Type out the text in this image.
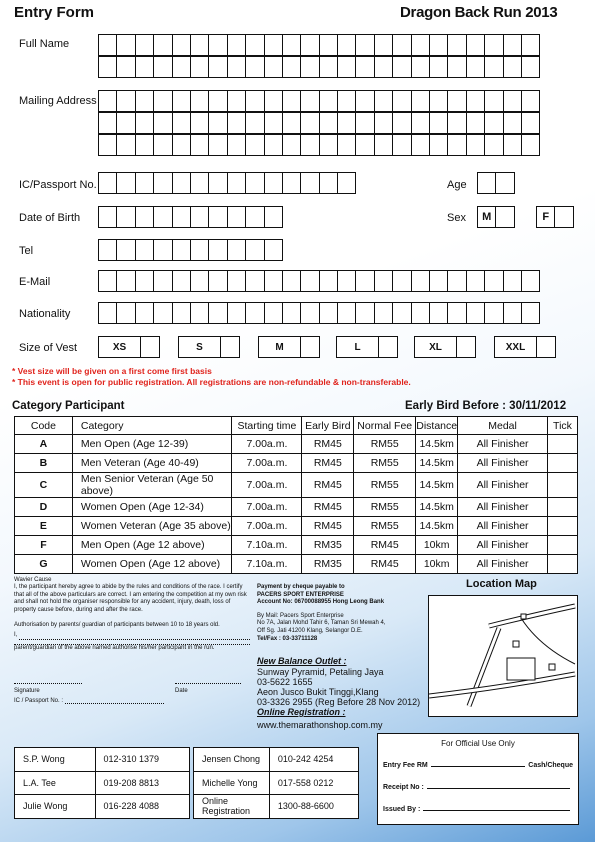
Entry Form	Dragon Back Run 2013
Full Name
Mailing Address
IC/Passport No.	Age
Date of Birth	Sex	M	F
Tel
E-Mail
Nationality
Size of Vest	XS	S	M	L	XL	XXL
* Vest size will be given on a first come first basis
* This event is open for public registration. All registrations are non-refundable & non-transferable.
Category Participant	Early Bird Before : 30/11/2012
Code	Category	Starting time	Early Bird	Normal Fee	Distance	Medal	Tick
A	Men Open (Age 12-39)	7.00a.m.	RM45	RM55	14.5km	All Finisher	
B	Men Veteran (Age 40-49)	7.00a.m.	RM45	RM55	14.5km	All Finisher	
C	Men Senior Veteran (Age 50 above)	7.00a.m.	RM45	RM55	14.5km	All Finisher	
D	Women Open (Age 12-34)	7.00a.m.	RM45	RM55	14.5km	All Finisher	
E	Women Veteran (Age 35 above)	7.00a.m.	RM45	RM55	14.5km	All Finisher	
F	Men Open (Age 12 above)	7.10a.m.	RM35	RM45	10km	All Finisher	
G	Women Open (Age 12 above)	7.10a.m.	RM35	RM45	10km	All Finisher	
Wavier Cause
I, the participant hereby agree to abide by the rules and conditions of the race. I certify that all of the above particulars are correct. I am entering the competition at my own risk and shall not hold the organiser responsible for any accident, injury, death, loss of property cause before, during and after the race.
Authorisation by parents/ guardian of participants between 10 to 18 years old.
I,
parent/guardian of the above named authorise his/her participant in the run.
Signature	Date
IC / Passport No. :
Payment by cheque payable to
PACERS SPORT ENTERPRISE
Account No: 06700088955 Hong Leong Bank
By Mail: Pacers Sport Enterprise
No 7A, Jalan Mohd Tahir 6, Taman Sri Mewah 4,
Off Sg. Jati 41200 Klang, Selangor D.E.
Tel/Fax : 03-33711128
New Balance Outlet :
Sunway Pyramid, Petaling Jaya
03-5622 1655
Aeon Jusco Bukit Tinggi,Klang
03-3326 2955 (Reg Before 28 Nov 2012)
Online Registration :
www.themarathonshop.com.my
Location Map
S.P. Wong	012-310 1379
L.A. Tee	019-208 8813
Julie Wong	016-228 4088
Jensen Chong	010-242 4254
Michelle Yong	017-558 0212
Online Registration	1300-88-6600
For Official Use Only
Entry Fee RM	Cash/Cheque
Receipt No :
Issued By :
